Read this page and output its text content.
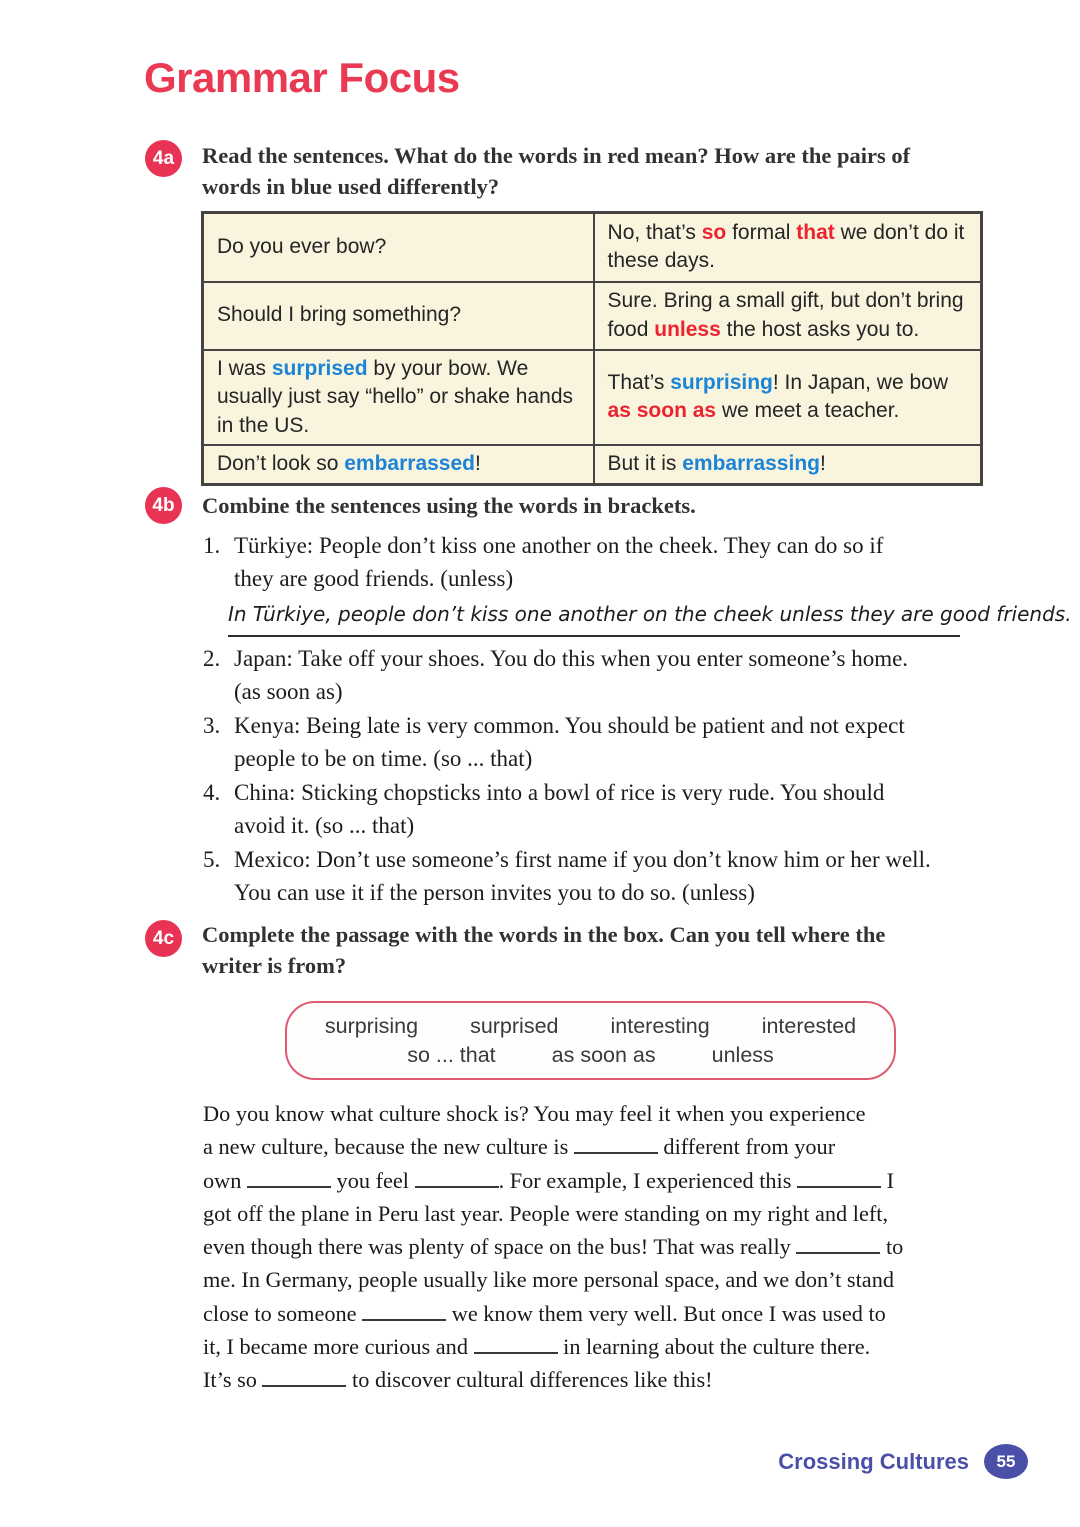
Grammar Focus
4a	Read the sentences. What do the words in red mean? How are the pairs of
words in blue used differently?
Do you ever bow?	No, that’s so formal that we don’t do it these days.
Should I bring something?	Sure. Bring a small gift, but don’t bring food unless the host asks you to.
I was surprised by your bow. We usually just say “hello” or shake hands in the US.	That’s surprising! In Japan, we bow as soon as we meet a teacher.
Don’t look so embarrassed!	But it is embarrassing!
4b	Combine the sentences using the words in brackets.
1. Türkiye: People don’t kiss one another on the cheek. They can do so if
they are good friends. (unless)
In Türkiye, people don’t kiss one another on the cheek unless they are good friends.
2. Japan: Take off your shoes. You do this when you enter someone’s home.
(as soon as)
3. Kenya: Being late is very common. You should be patient and not expect
people to be on time. (so ... that)
4. China: Sticking chopsticks into a bowl of rice is very rude. You should
avoid it. (so ... that)
5. Mexico: Don’t use someone’s first name if you don’t know him or her well.
You can use it if the person invites you to do so. (unless)
4c	Complete the passage with the words in the box. Can you tell where the
writer is from?
surprising surprised interesting interested
so ... that	as soon as	unless
Do you know what culture shock is? You may feel it when you experience
a new culture, because the new culture is	different from your
own	you feel	. For example, I experienced this	I
got off the plane in Peru last year. People were standing on my right and left,
even though there was plenty of space on the bus! That was really	to
me. In Germany, people usually like more personal space, and we don’t stand
close to someone	we know them very well. But once I was used to
it, I became more curious and	in learning about the culture there.
It’s so	to discover cultural differences like this!
Crossing Cultures	55
